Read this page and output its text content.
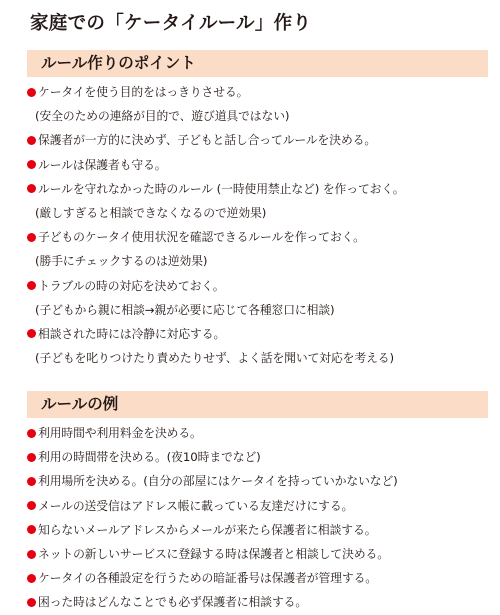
家庭での「ケータイルール」作り
ルール作りのポイント
ケータイを使う目的をはっきりさせる。
(安全のための連絡が目的で、遊び道具ではない)
保護者が一方的に決めず、子どもと話し合ってルールを決める。
ルールは保護者も守る。
ルールを守れなかった時のルール (一時使用禁止など) を作っておく。
(厳しすぎると相談できなくなるので逆効果)
子どものケータイ使用状況を確認できるルールを作っておく。
(勝手にチェックするのは逆効果)
トラブルの時の対応を決めておく。
(子どもから親に相談→親が必要に応じて各種窓口に相談)
相談された時には冷静に対応する。
(子どもを叱りつけたり責めたりせず、よく話を聞いて対応を考える)
ルールの例
利用時間や利用料金を決める。
利用の時間帯を決める。(夜10時までなど)
利用場所を決める。(自分の部屋にはケータイを持っていかないなど)
メールの送受信はアドレス帳に載っている友達だけにする。
知らないメールアドレスからメールが来たら保護者に相談する。
ネットの新しいサービスに登録する時は保護者と相談して決める。
ケータイの各種設定を行うための暗証番号は保護者が管理する。
困った時はどんなことでも必ず保護者に相談する。
